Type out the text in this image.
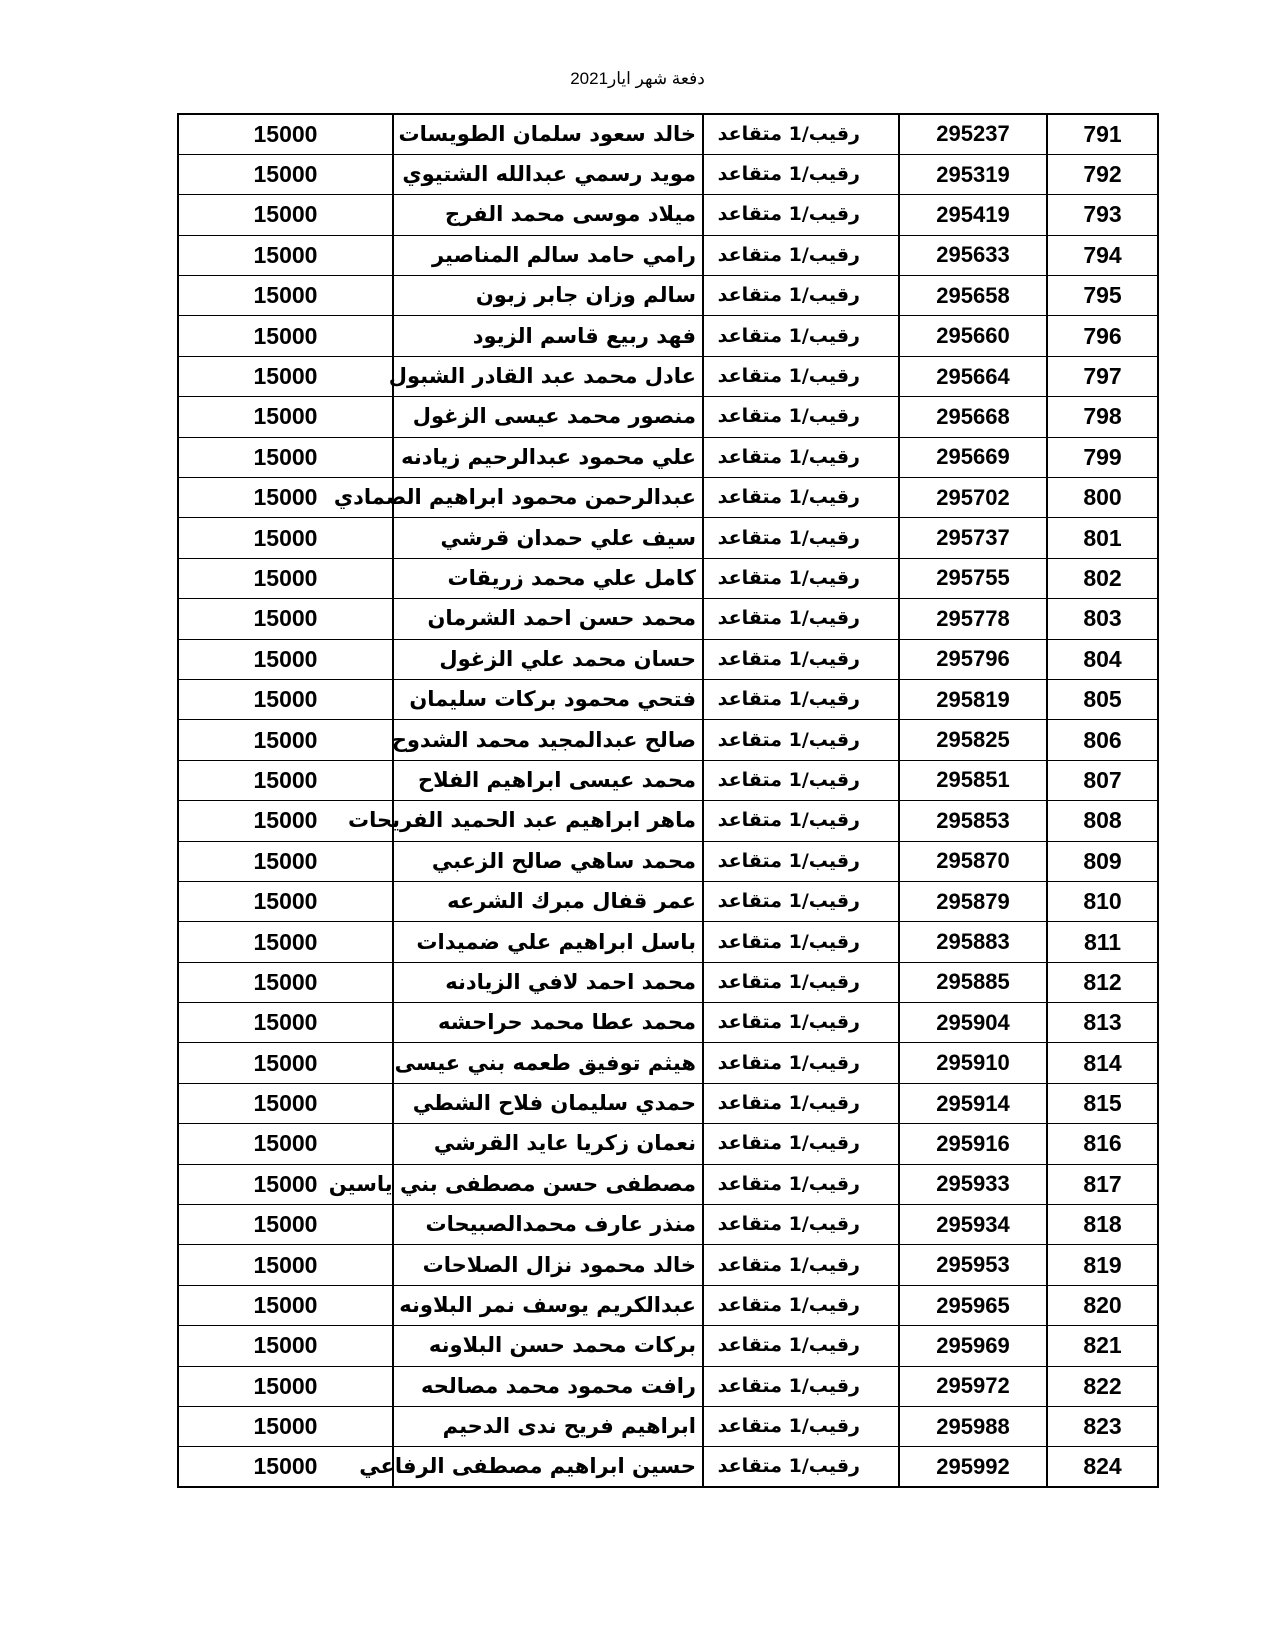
دفعة شهر ايار2021
15000	خالد سعود سلمان الطويسات	رقيب/1 متقاعد	295237	791
15000	مويد رسمي عبدالله الشتيوي	رقيب/1 متقاعد	295319	792
15000	ميلاد موسى محمد الفرج	رقيب/1 متقاعد	295419	793
15000	رامي حامد سالم المناصير	رقيب/1 متقاعد	295633	794
15000	سالم وزان جابر زبون	رقيب/1 متقاعد	295658	795
15000	فهد ربيع قاسم الزيود	رقيب/1 متقاعد	295660	796
15000	عادل محمد عبد القادر الشبول	رقيب/1 متقاعد	295664	797
15000	منصور محمد عيسى الزغول	رقيب/1 متقاعد	295668	798
15000	علي محمود عبدالرحيم زيادنه	رقيب/1 متقاعد	295669	799
15000	عبدالرحمن محمود ابراهيم الصمادي	رقيب/1 متقاعد	295702	800
15000	سيف علي حمدان قرشي	رقيب/1 متقاعد	295737	801
15000	كامل علي محمد زريقات	رقيب/1 متقاعد	295755	802
15000	محمد حسن احمد الشرمان	رقيب/1 متقاعد	295778	803
15000	حسان محمد علي الزغول	رقيب/1 متقاعد	295796	804
15000	فتحي محمود بركات سليمان	رقيب/1 متقاعد	295819	805
15000	صالح عبدالمجيد محمد الشدوح	رقيب/1 متقاعد	295825	806
15000	محمد عيسى ابراهيم الفلاح	رقيب/1 متقاعد	295851	807
15000	ماهر ابراهيم عبد الحميد الفريحات	رقيب/1 متقاعد	295853	808
15000	محمد ساهي صالح الزعبي	رقيب/1 متقاعد	295870	809
15000	عمر قفال مبرك الشرعه	رقيب/1 متقاعد	295879	810
15000	باسل ابراهيم علي ضميدات	رقيب/1 متقاعد	295883	811
15000	محمد احمد لافي الزيادنه	رقيب/1 متقاعد	295885	812
15000	محمد عطا محمد حراحشه	رقيب/1 متقاعد	295904	813
15000	هيثم توفيق طعمه بني عيسى	رقيب/1 متقاعد	295910	814
15000	حمدي سليمان فلاح الشطي	رقيب/1 متقاعد	295914	815
15000	نعمان زكريا عايد القرشي	رقيب/1 متقاعد	295916	816
15000	مصطفى حسن مصطفى بني ياسين	رقيب/1 متقاعد	295933	817
15000	منذر عارف محمدالصبيحات	رقيب/1 متقاعد	295934	818
15000	خالد محمود نزال الصلاحات	رقيب/1 متقاعد	295953	819
15000	عبدالكريم يوسف نمر البلاونه	رقيب/1 متقاعد	295965	820
15000	بركات محمد حسن البلاونه	رقيب/1 متقاعد	295969	821
15000	رافت محمود محمد مصالحه	رقيب/1 متقاعد	295972	822
15000	ابراهيم فريح ندى الدحيم	رقيب/1 متقاعد	295988	823
15000	حسين ابراهيم مصطفى الرفاعي	رقيب/1 متقاعد	295992	824
